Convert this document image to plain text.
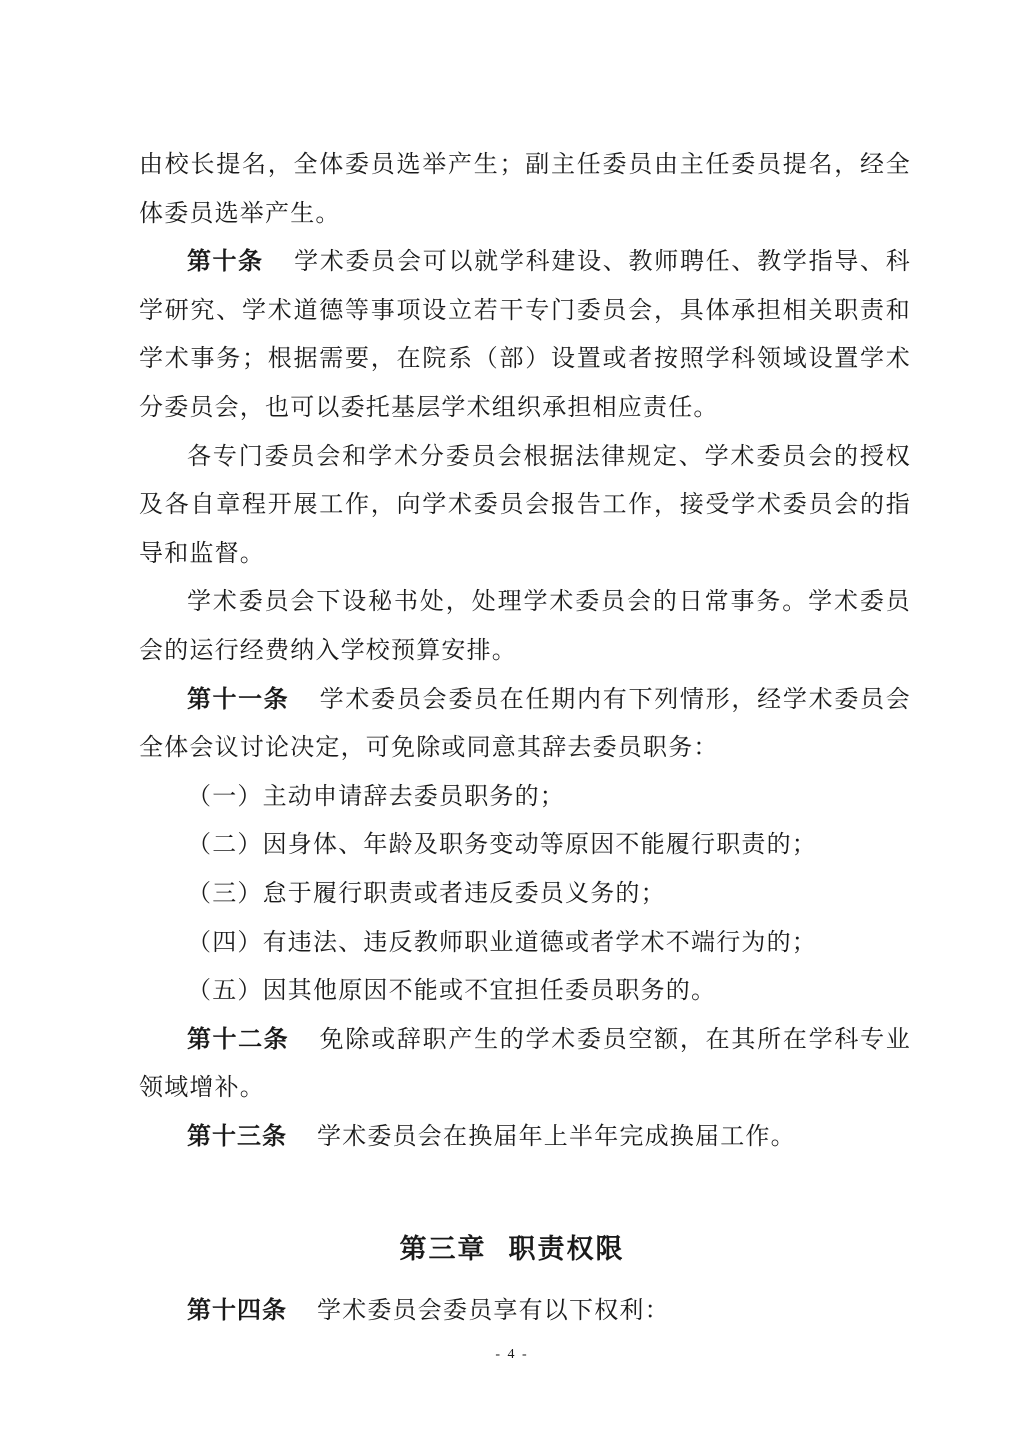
由校长提名，全体委员选举产生；副主任委员由主任委员提名，经全体委员选举产生。

第十条 学术委员会可以就学科建设、教师聘任、教学指导、科学研究、学术道德等事项设立若干专门委员会，具体承担相关职责和学术事务；根据需要，在院系（部）设置或者按照学科领域设置学术分委员会，也可以委托基层学术组织承担相应责任。

各专门委员会和学术分委员会根据法律规定、学术委员会的授权及各自章程开展工作，向学术委员会报告工作，接受学术委员会的指导和监督。

学术委员会下设秘书处，处理学术委员会的日常事务。学术委员会的运行经费纳入学校预算安排。

第十一条 学术委员会委员在任期内有下列情形，经学术委员会全体会议讨论决定，可免除或同意其辞去委员职务：

（一）主动申请辞去委员职务的；

（二）因身体、年龄及职务变动等原因不能履行职责的；

（三）怠于履行职责或者违反委员义务的；

（四）有违法、违反教师职业道德或者学术不端行为的；

（五）因其他原因不能或不宜担任委员职务的。

第十二条 免除或辞职产生的学术委员空额，在其所在学科专业领域增补。

第十三条 学术委员会在换届年上半年完成换届工作。

第三章 职责权限

第十四条 学术委员会委员享有以下权利：

- 4 -
